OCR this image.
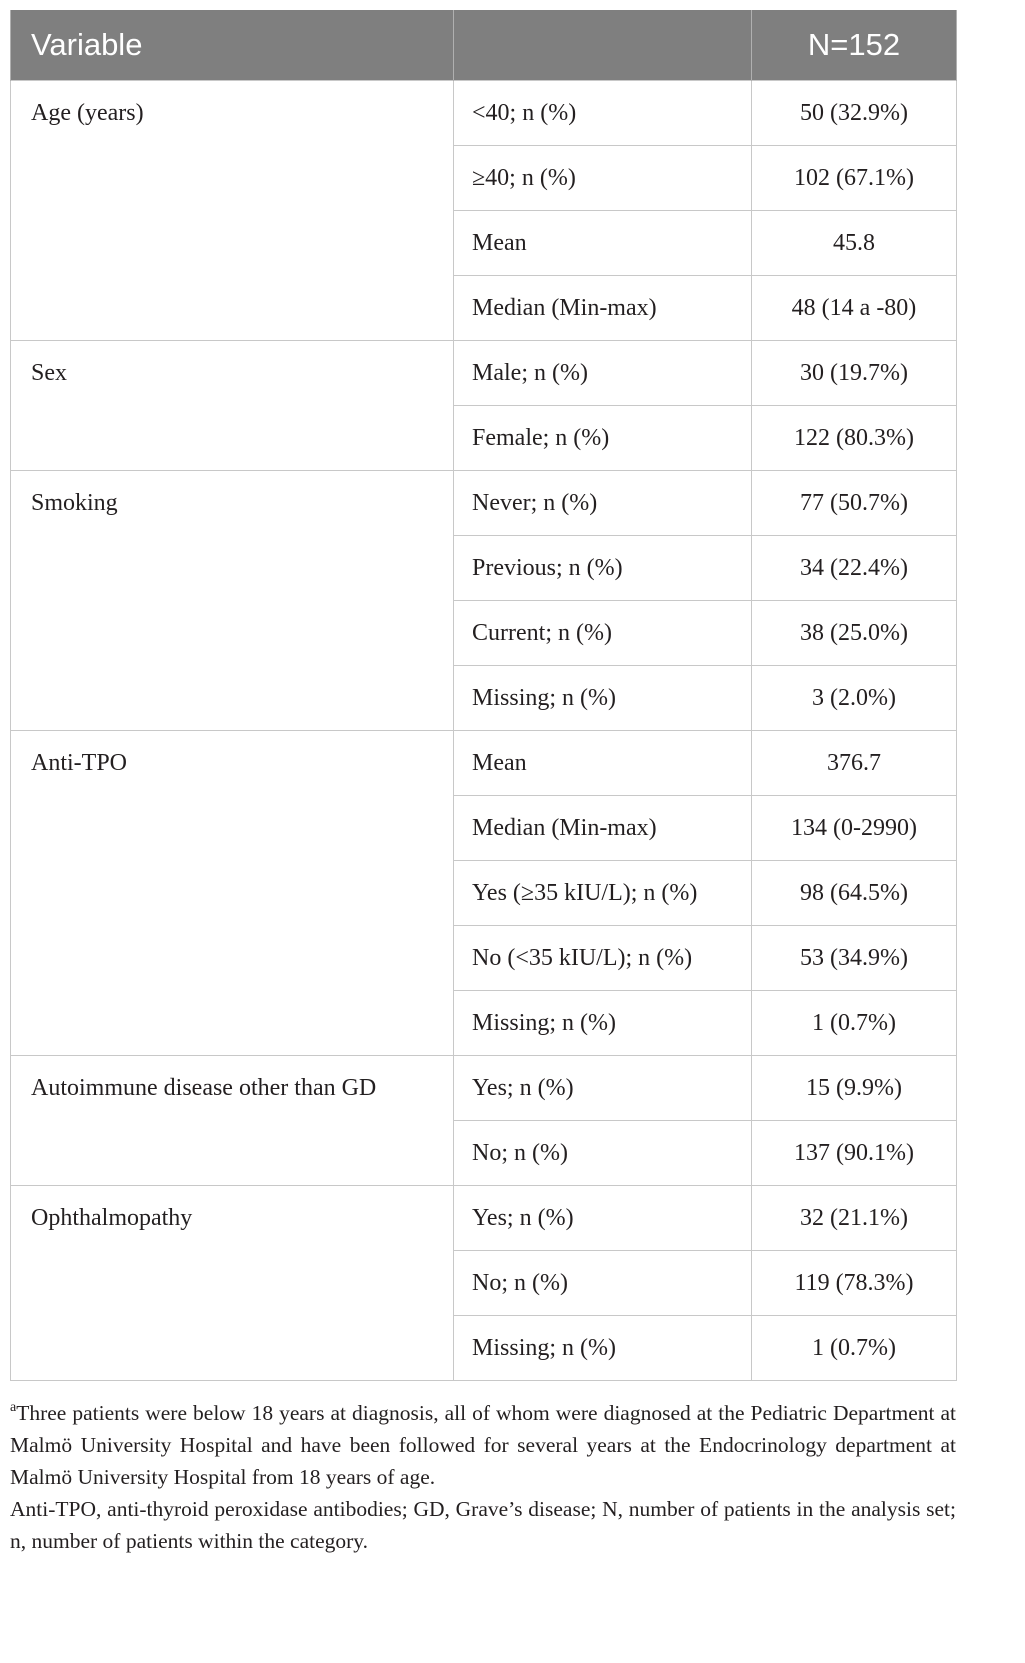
Variable		N=152
Age (years)	<40; n (%)	50 (32.9%)
	≥40; n (%)	102 (67.1%)
	Mean	45.8
	Median (Min-max)	48 (14 a -80)
Sex	Male; n (%)	30 (19.7%)
	Female; n (%)	122 (80.3%)
Smoking	Never; n (%)	77 (50.7%)
	Previous; n (%)	34 (22.4%)
	Current; n (%)	38 (25.0%)
	Missing; n (%)	3 (2.0%)
Anti-TPO	Mean	376.7
	Median (Min-max)	134 (0-2990)
	Yes (≥35 kIU/L); n (%)	98 (64.5%)
	No (<35 kIU/L); n (%)	53 (34.9%)
	Missing; n (%)	1 (0.7%)
Autoimmune disease other than GD	Yes; n (%)	15 (9.9%)
	No; n (%)	137 (90.1%)
Ophthalmopathy	Yes; n (%)	32 (21.1%)
	No; n (%)	119 (78.3%)
	Missing; n (%)	1 (0.7%)

$^a$Three patients were below 18 years at diagnosis, all of whom were diagnosed at the Pediatric Department at Malmö University Hospital and have been followed for several years at the Endocrinology department at Malmö University Hospital from 18 years of age.

Anti-TPO, anti-thyroid peroxidase antibodies; GD, Grave’s disease; N, number of patients in the analysis set; n, number of patients within the category.
